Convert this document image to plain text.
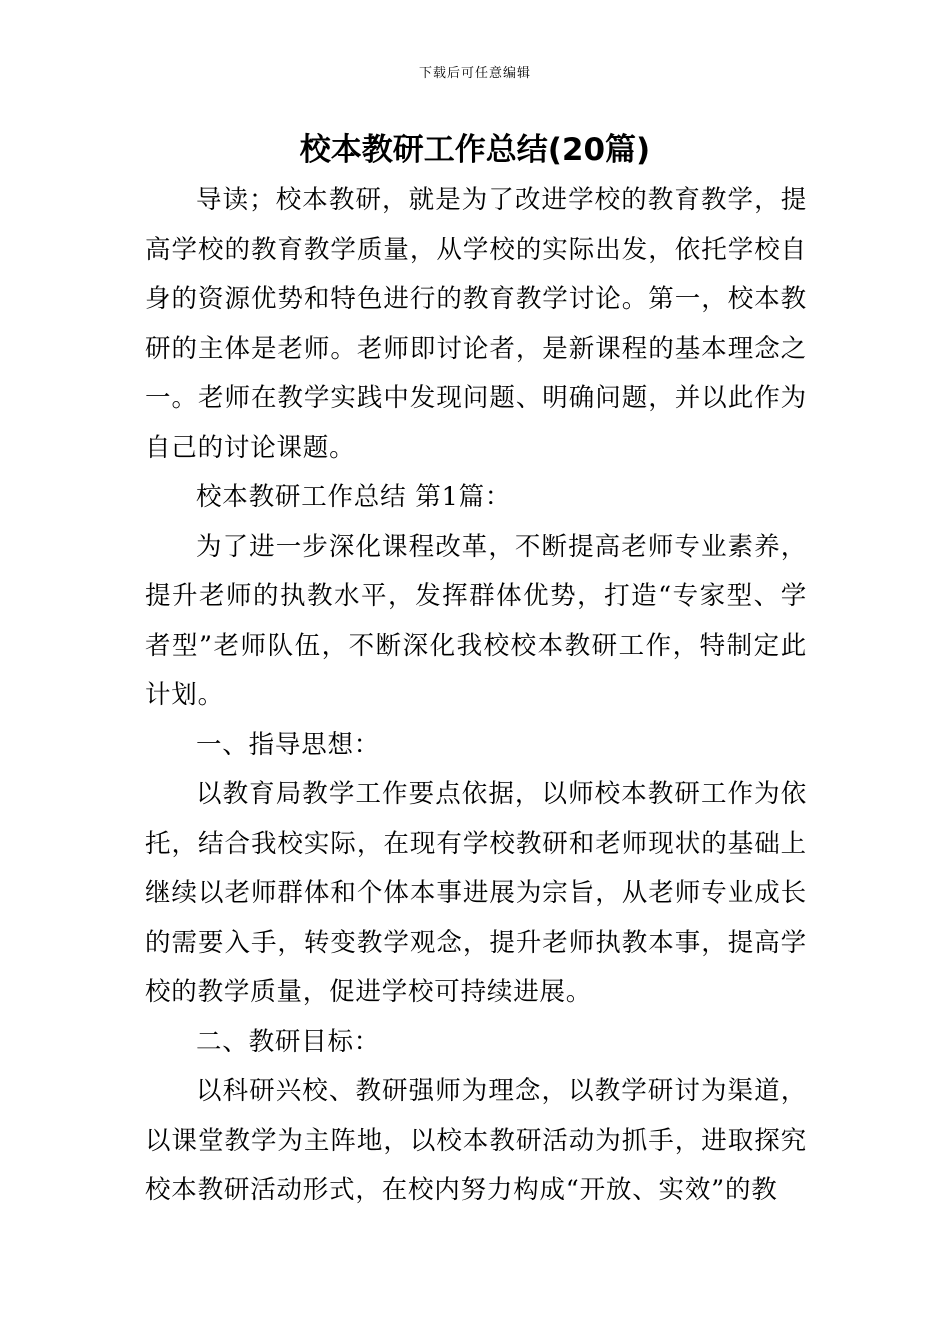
下载后可任意编辑
校本教研工作总结(20篇)

导读；校本教研，就是为了改进学校的教育教学，提高学校的教育教学质量，从学校的实际出发，依托学校自身的资源优势和特色进行的教育教学讨论。第一，校本教研的主体是老师。老师即讨论者，是新课程的基本理念之一。老师在教学实践中发现问题、明确问题，并以此作为自己的讨论课题。

校本教研工作总结 第1篇：

为了进一步深化课程改革，不断提高老师专业素养，提升老师的执教水平，发挥群体优势，打造“专家型、学者型”老师队伍，不断深化我校校本教研工作，特制定此计划。

一、指导思想：

以教育局教学工作要点依据，以师校本教研工作为依托，结合我校实际，在现有学校教研和老师现状的基础上继续以老师群体和个体本事进展为宗旨，从老师专业成长的需要入手，转变教学观念，提升老师执教本事，提高学校的教学质量，促进学校可持续进展。

二、教研目标：

以科研兴校、教研强师为理念，以教学研讨为渠道，以课堂教学为主阵地，以校本教研活动为抓手，进取探究校本教研活动形式，在校内努力构成“开放、实效”的教
